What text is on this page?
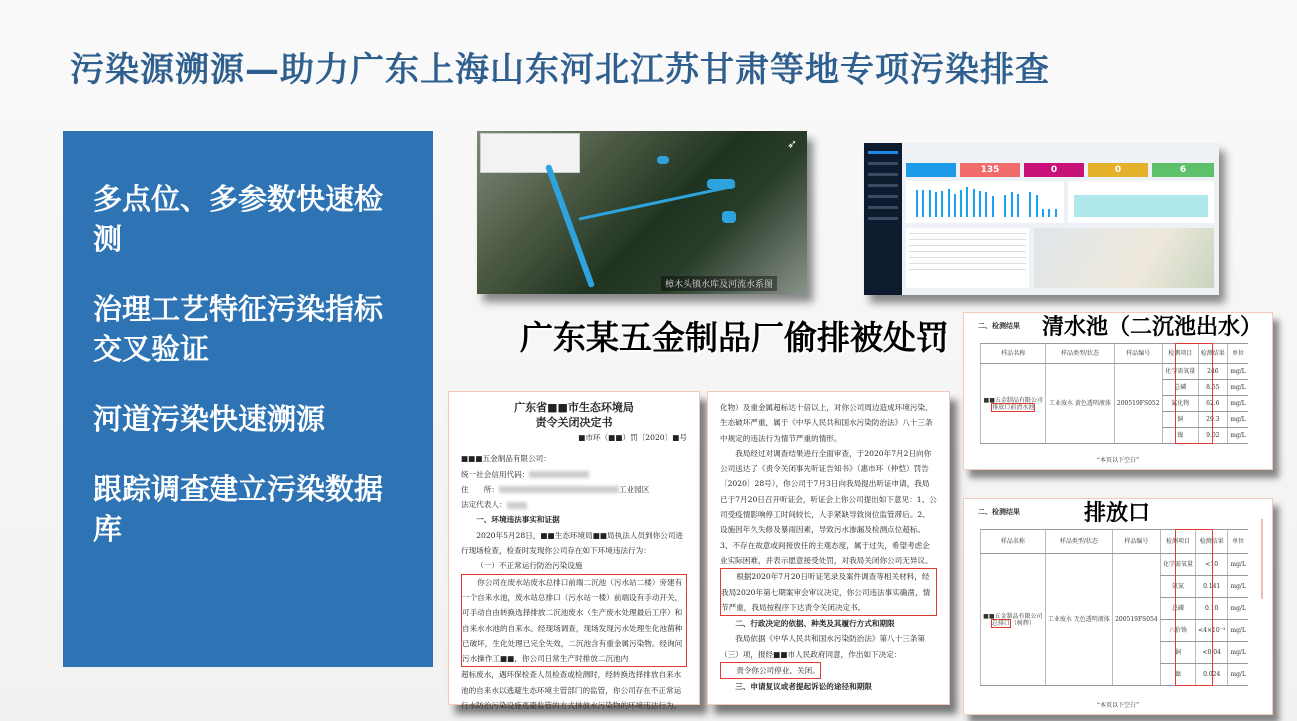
污染源溯源—助力广东上海山东河北江苏甘肃等地专项污染排查
多点位、多参数快速检测
治理工艺特征污染指标交叉验证
河道污染快速溯源
跟踪调查建立污染数据库
➶
樟木头镇水库及河流水系图
135	0	0	6
广东某五金制品厂偷排被处罚
广东省■■市生态环境局
责令关闭决定书
■市环（■■）罚〔2020〕■号
■■■五金制品有限公司：
统一社会信用代码：
住　　所：	工业园区
法定代表人：
一、环境违法事实和证据
2020年5月28日，■■生态环境局■■局执法人员到你公司进行现场检查，检查时发现你公司存在如下环境违法行为：
（一）不正常运行防治污染设施
你公司在废水站废水总排口前端二沉池（污水站二楼）旁建有一个自来水池，废水站总排口（污水站一楼）前端设有手动开关，可手动自由转换选择排放二沉池废水（生产废水处理最后工序）和自来水水池的自来水。经现场调查，现场发现污水处理生化池菌种已破坏，生化处理已完全失效，二沉池含有重金属污染物。经询问污水操作工■■，你公司日常生产时排放二沉池内
超标废水，遇环保检查人员检查或检测时，经转换选择排放自来水池的自来水以逃避生态环境主管部门的监管，你公司存在不正常运行水防治污染设施逃避监管的方式排放水污染物的环境违法行为。
化物）及重金属超标达十倍以上，对你公司周边造成环境污染、生态破坏严重，属于《中华人民共和国水污染防治法》八十三条中规定的违法行为情节严重的情形。
我局经过对调查结果进行全面审查，于2020年7月2日向你公司送达了《责令关闭事先听证告知书》（惠市环（仲恺）罚告〔2020〕28号），你公司于7月3日向我局提出听证申请，我局已于7月20日召开听证会，听证会上你公司提出如下意见：1、公司受疫情影响停工时间较长，人手紧缺导致岗位监管滞后。2、设施因年久失修及暴雨因素，导致污水渗漏及检测点位超标。3、不存在故意或间接放任的主观态度，属于过失，希望考虑企业实际困难，并表示愿意接受处罚，对我局关闭你公司无异议。
根据2020年7月20日听证笔录及案件调查等相关材料，经我局2020年第七期案审会审议决定，你公司违法事实确凿，情节严重，我局按程序下达责令关闭决定书。
二、行政决定的依据、种类及其履行方式和期限
我局依据《中华人民共和国水污染防治法》第八十三条第（三）项，报经■■市人民政府同意，作出如下决定：
责令你公司停业、关闭。
三、申请复议或者提起诉讼的途径和期限
二、检测结果 清水池（二沉池出水）
样品名称	样品类型/状态	样品编号	检测项目	检测结果	单位

■■五金制品有限公司
排放口前清水池	工业废水 黄色透明液体	200519FS052	化学需氧量	246	mg/L
			总磷	8.55	mg/L
			氰化物	62.6	mg/L
			铜	29.3	mg/L
			镍	9.02	mg/L
“本页以下空白”
二、检测结果	排放口
样品名称	样品类型/状态	样品编号	检测项目	检测结果	单位

■■五金制品有限公司
总排口（树辉）	工业废水 无色透明液体	200519FS054	化学需氧量	<10	mg/L
			氨氮	0.141	mg/L
			总磷	0.10	mg/L
			六价铬	<4×10⁻³	mg/L
			铜	<0.04	mg/L
			镍	0.024	mg/L
“本页以下空白”
